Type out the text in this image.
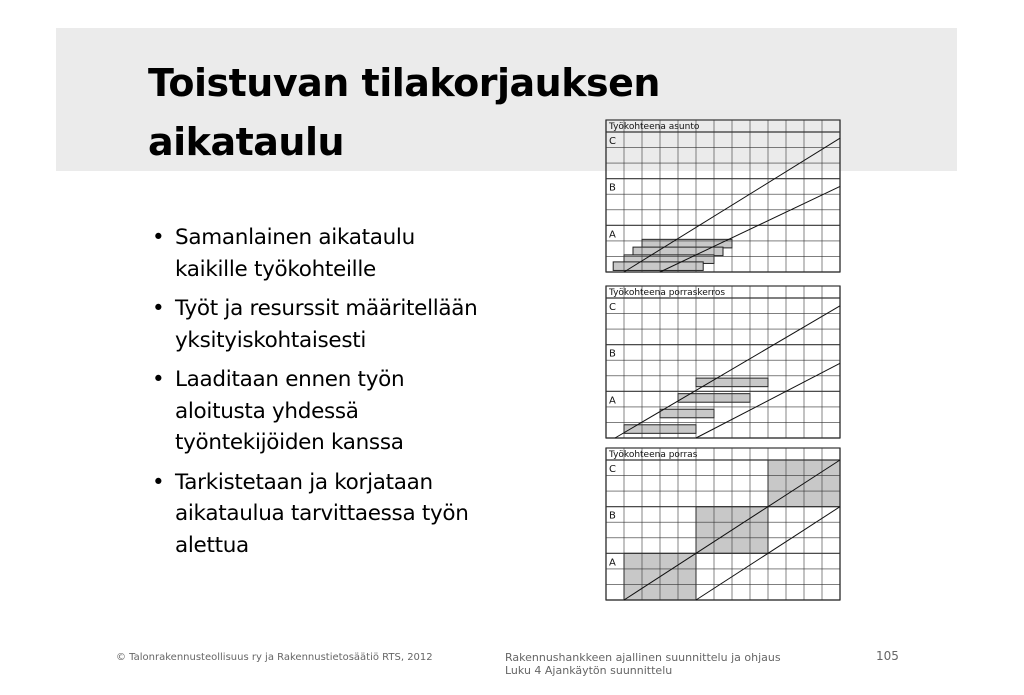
Toistuvan tilakorjauksen
aikataulu
• Samanlainen aikataulu kaikille työkohteille
• Työt ja resurssit määritellään yksityiskohtaisesti
• Laaditaan ennen työn aloitusta yhdessä työntekijöiden kanssa
• Tarkistetaan ja korjataan aikataulua tarvittaessa työn alettua
Työkohteena asunto
C
B
A
Työkohteena porraskerros
C
B
A
Työkohteena porras
C
B
A
© Talonrakennusteollisuus ry ja Rakennustietosäätiö RTS, 2012	Rakennushankkeen ajallinen suunnittelu ja ohjaus
Luku 4 Ajankäytön suunnittelu
105
